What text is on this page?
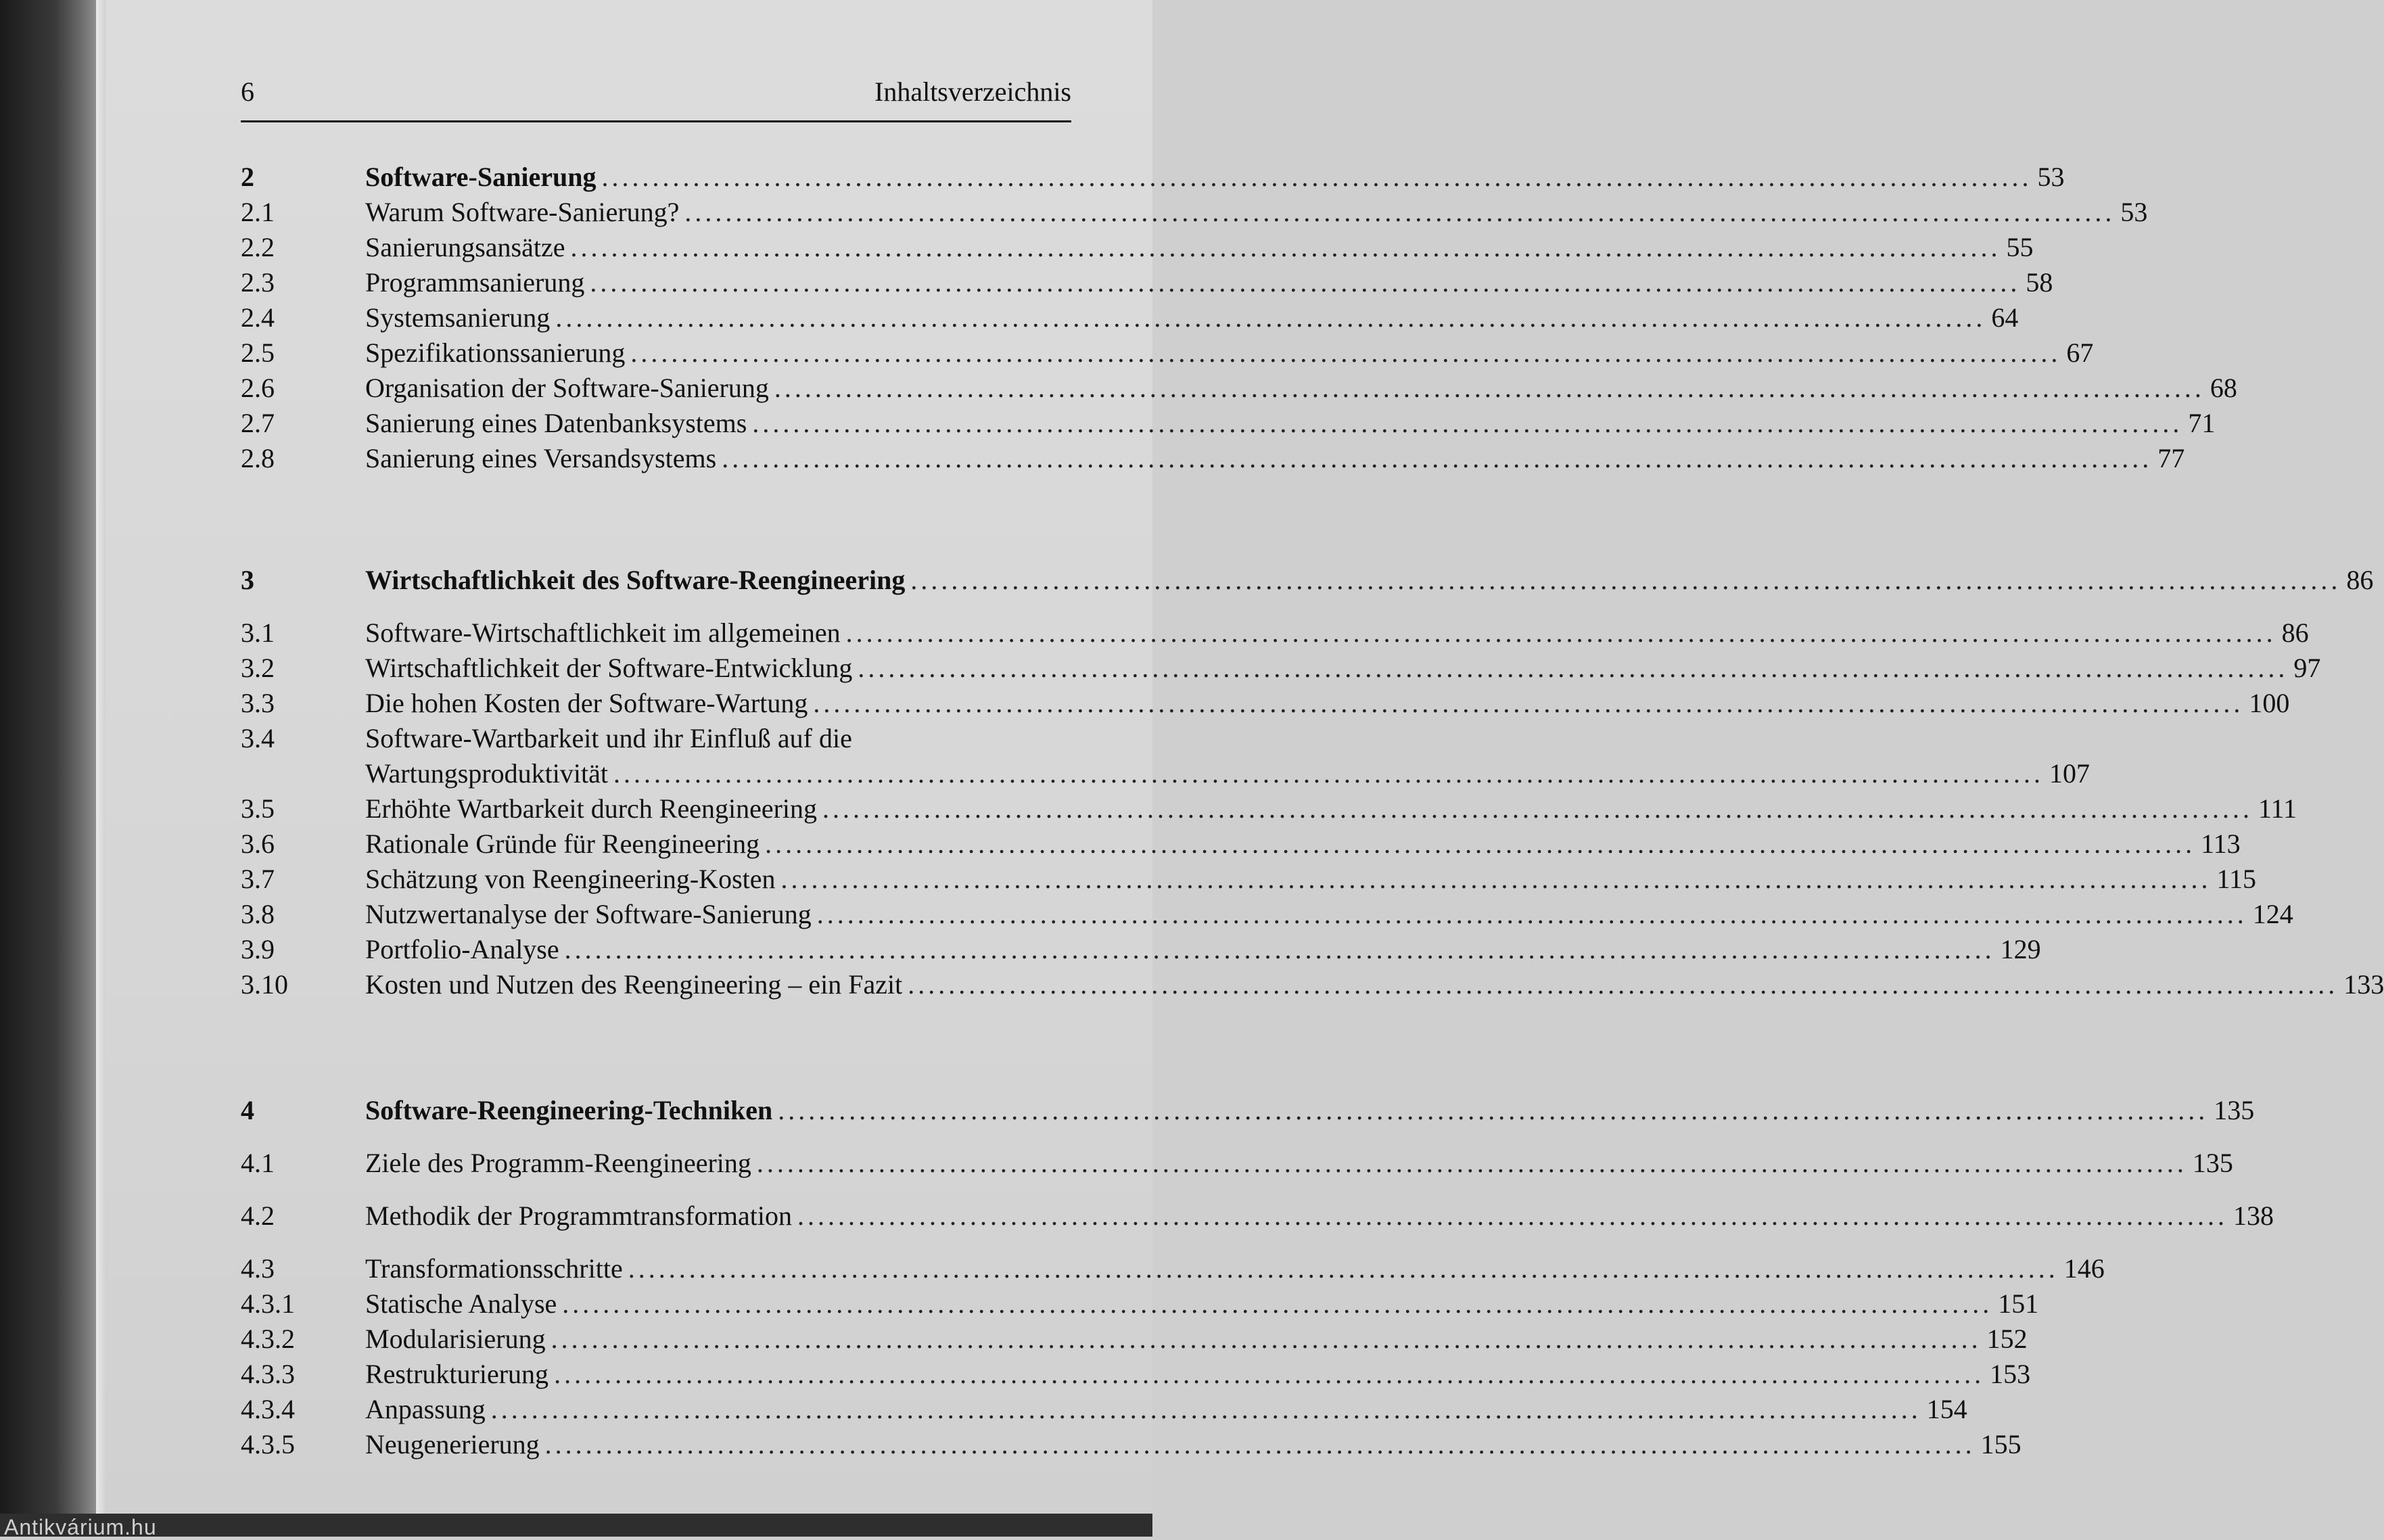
Antikvárium.hu
6	Inhaltsverzeichnis
2	Software-Sanierung ............................................................................................................................................. 53
2.1	Warum Software-Sanierung? ............................................................................................................................................. 53
2.2	Sanierungsansätze ............................................................................................................................................. 55
2.3	Programmsanierung ............................................................................................................................................. 58
2.4	Systemsanierung ............................................................................................................................................. 64
2.5	Spezifikationssanierung ............................................................................................................................................. 67
2.6	Organisation der Software-Sanierung ............................................................................................................................................. 68
2.7	Sanierung eines Datenbanksystems ............................................................................................................................................. 71
2.8	Sanierung eines Versandsystems ............................................................................................................................................. 77
3	Wirtschaftlichkeit des Software-Reengineering ............................................................................................................................................. 86
3.1	Software-Wirtschaftlichkeit im allgemeinen ............................................................................................................................................. 86
3.2	Wirtschaftlichkeit der Software-Entwicklung ............................................................................................................................................. 97
3.3	Die hohen Kosten der Software-Wartung ............................................................................................................................................. 100
3.4	Software-Wartbarkeit und ihr Einfluß auf die
Wartungsproduktivität ............................................................................................................................................. 107
3.5	Erhöhte Wartbarkeit durch Reengineering ............................................................................................................................................. 111
3.6	Rationale Gründe für Reengineering ............................................................................................................................................. 113
3.7	Schätzung von Reengineering-Kosten ............................................................................................................................................. 115
3.8	Nutzwertanalyse der Software-Sanierung ............................................................................................................................................. 124
3.9	Portfolio-Analyse ............................................................................................................................................. 129
3.10	Kosten und Nutzen des Reengineering – ein Fazit ............................................................................................................................................. 133
4	Software-Reengineering-Techniken ............................................................................................................................................. 135
4.1	Ziele des Programm-Reengineering ............................................................................................................................................. 135
4.2	Methodik der Programmtransformation ............................................................................................................................................. 138
4.3	Transformationsschritte ............................................................................................................................................. 146
4.3.1	Statische Analyse ............................................................................................................................................. 151
4.3.2	Modularisierung ............................................................................................................................................. 152
4.3.3	Restrukturierung ............................................................................................................................................. 153
4.3.4	Anpassung ............................................................................................................................................. 154
4.3.5	Neugenerierung ............................................................................................................................................. 155
